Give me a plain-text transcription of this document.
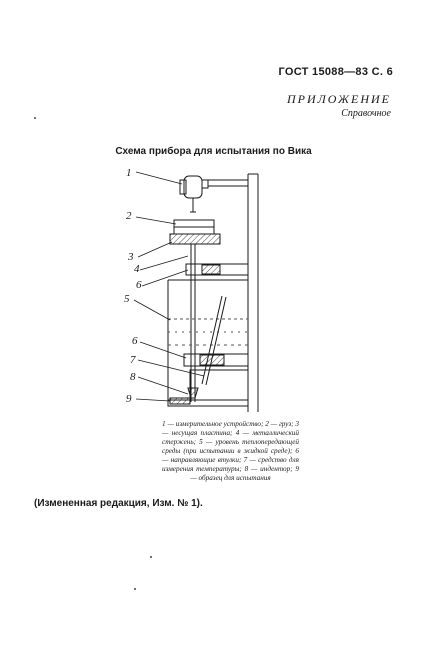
ГОСТ 15088—83 С. 6
ПРИЛОЖЕНИЕ
Справочное
Схема прибора для испытания по Вика
1
2
3
4
6
5
6
7
8
9
1 — измерительное устройство; 2 — груз; 3 — несущая пластина; 4 — металлический стержень; 5 — уровень теплопередающей среды (при испытании в жидкой среде); 6 — направляющие втулки; 7 — средство для измерения температуры; 8 — индентор; 9 — образец для испытания
(Измененная редакция, Изм. № 1).
